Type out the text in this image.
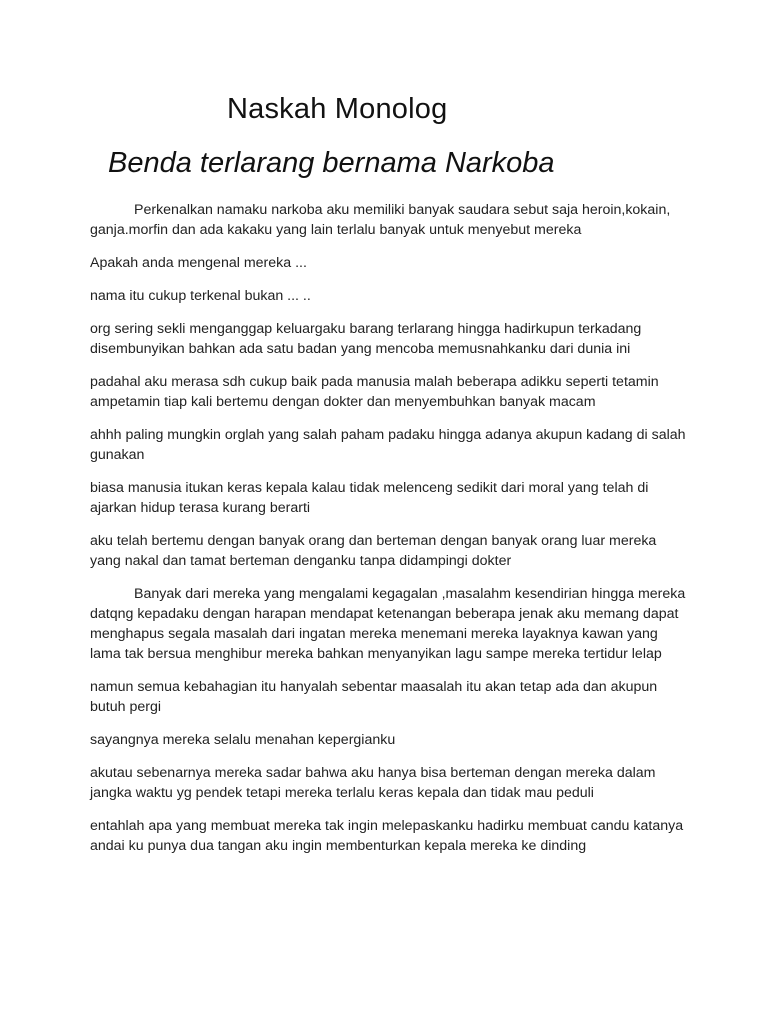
Naskah Monolog
Benda terlarang bernama Narkoba

Perkenalkan namaku narkoba aku memiliki banyak saudara sebut saja heroin,kokain, ganja.morfin dan ada kakaku yang lain terlalu banyak untuk menyebut mereka

Apakah anda mengenal mereka ...

nama itu cukup terkenal bukan ... ..

org sering sekli menganggap keluargaku barang terlarang hingga hadirkupun terkadang disembunyikan bahkan ada satu badan yang mencoba memusnahkanku dari dunia ini

padahal aku merasa sdh cukup baik pada manusia malah beberapa adikku seperti tetamin ampetamin tiap kali bertemu dengan dokter dan menyembuhkan banyak macam

ahhh paling mungkin orglah yang salah paham padaku hingga adanya akupun kadang di salah gunakan

biasa manusia itukan keras kepala kalau tidak melenceng sedikit dari moral yang telah di ajarkan hidup terasa kurang berarti

aku telah bertemu dengan banyak orang dan berteman dengan banyak orang luar mereka yang nakal dan tamat berteman denganku tanpa didampingi dokter

Banyak dari mereka yang mengalami kegagalan ,masalahm kesendirian hingga mereka datqng kepadaku dengan harapan mendapat ketenangan beberapa jenak aku memang dapat menghapus segala masalah dari ingatan mereka menemani mereka layaknya kawan yang lama tak bersua menghibur mereka bahkan menyanyikan lagu sampe mereka tertidur lelap

namun semua kebahagian itu hanyalah sebentar maasalah itu akan tetap ada dan akupun butuh pergi

sayangnya mereka selalu menahan kepergianku

akutau sebenarnya mereka sadar bahwa aku hanya bisa berteman dengan mereka dalam jangka waktu yg pendek tetapi mereka terlalu keras kepala dan tidak mau peduli

entahlah apa yang membuat mereka tak ingin melepaskanku hadirku membuat candu katanya andai ku punya dua tangan aku ingin membenturkan kepala mereka ke dinding
